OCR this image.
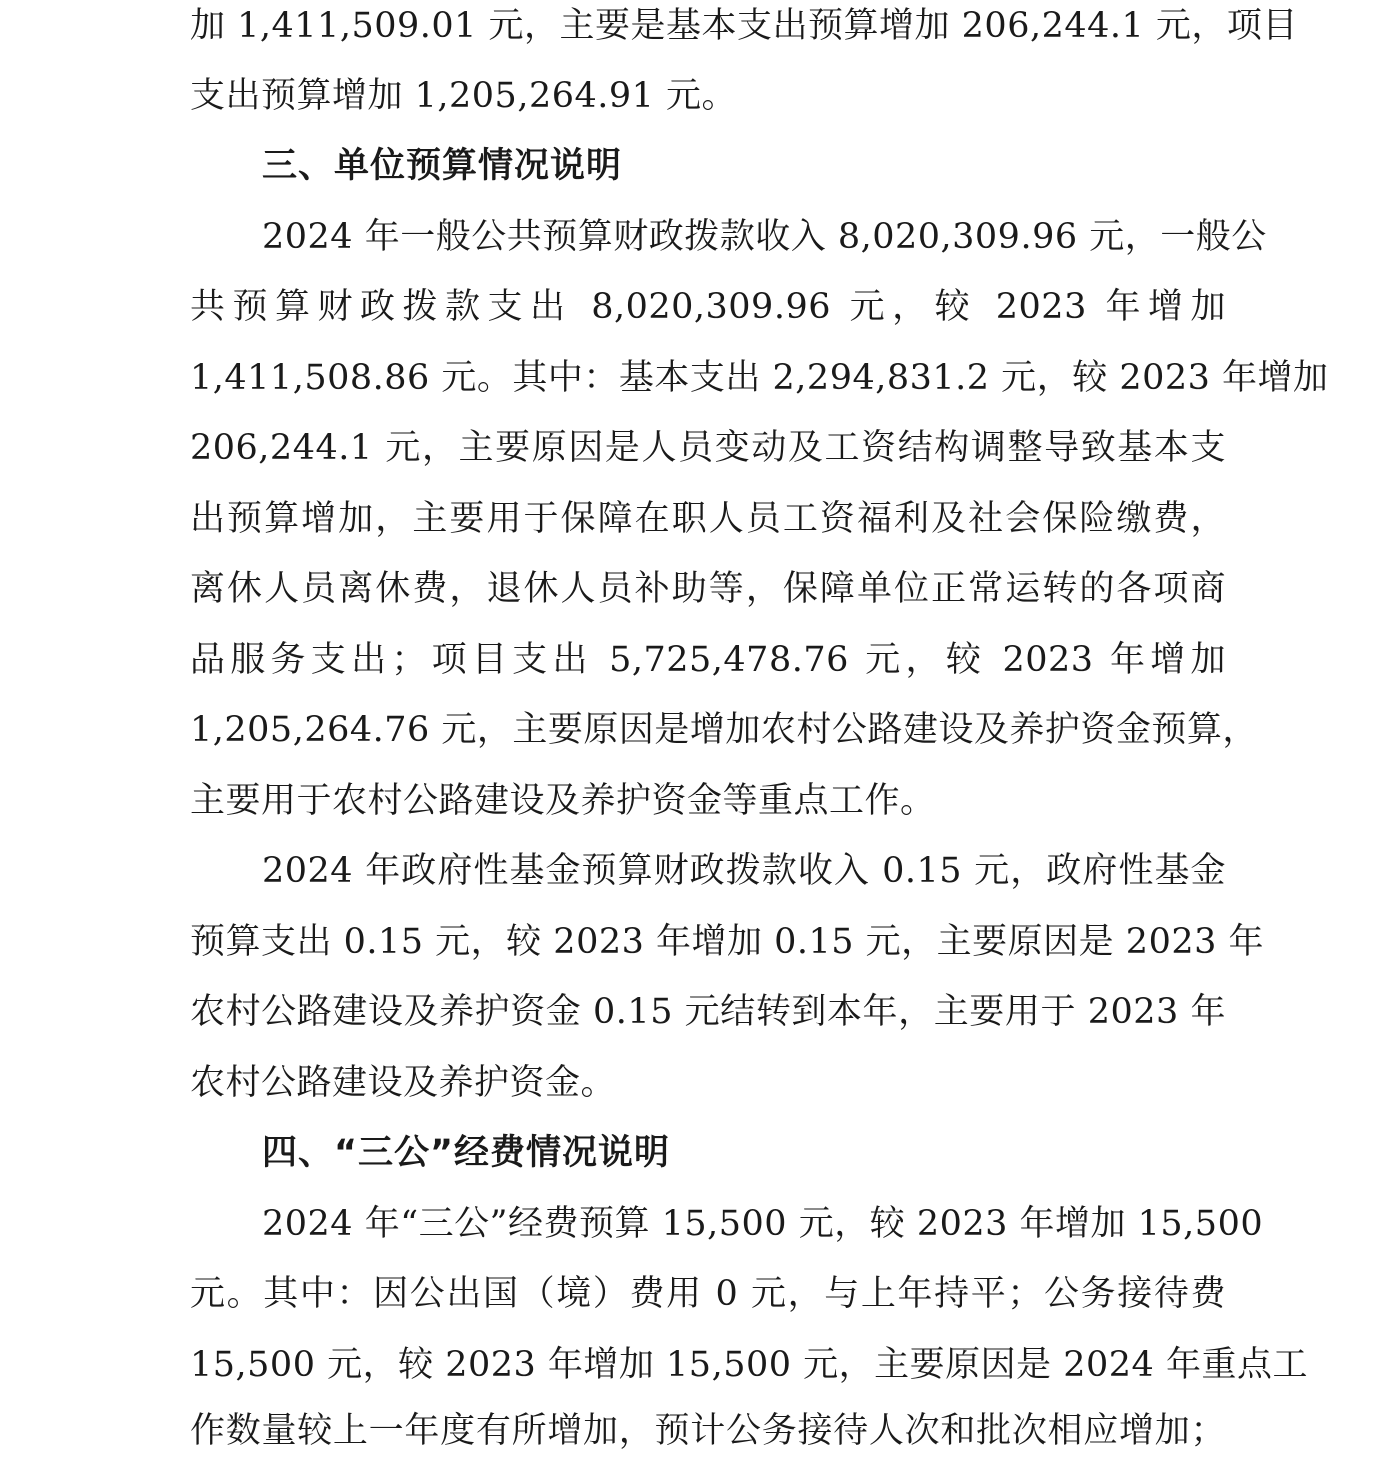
加 1,411,509.01 元，主要是基本支出预算增加 206,244.1 元，项目
支出预算增加 1,205,264.91 元。
三、单位预算情况说明
2024 年一般公共预算财政拨款收入 8,020,309.96 元，一般公
共预算财政拨款支出 8,020,309.96 元，较 2023 年增加
1,411,508.86 元。其中：基本支出 2,294,831.2 元，较 2023 年增加
206,244.1 元，主要原因是人员变动及工资结构调整导致基本支
出预算增加，主要用于保障在职人员工资福利及社会保险缴费，
离休人员离休费，退休人员补助等，保障单位正常运转的各项商
品服务支出；项目支出 5,725,478.76 元，较 2023 年增加
1,205,264.76 元，主要原因是增加农村公路建设及养护资金预算，
主要用于农村公路建设及养护资金等重点工作。
2024 年政府性基金预算财政拨款收入 0.15 元，政府性基金
预算支出 0.15 元，较 2023 年增加 0.15 元，主要原因是 2023 年
农村公路建设及养护资金 0.15 元结转到本年，主要用于 2023 年
农村公路建设及养护资金。
四、“三公”经费情况说明
2024 年“三公”经费预算 15,500 元，较 2023 年增加 15,500
元。其中：因公出国（境）费用 0 元，与上年持平；公务接待费
15,500 元，较 2023 年增加 15,500 元，主要原因是 2024 年重点工
作数量较上一年度有所增加，预计公务接待人次和批次相应增加；
